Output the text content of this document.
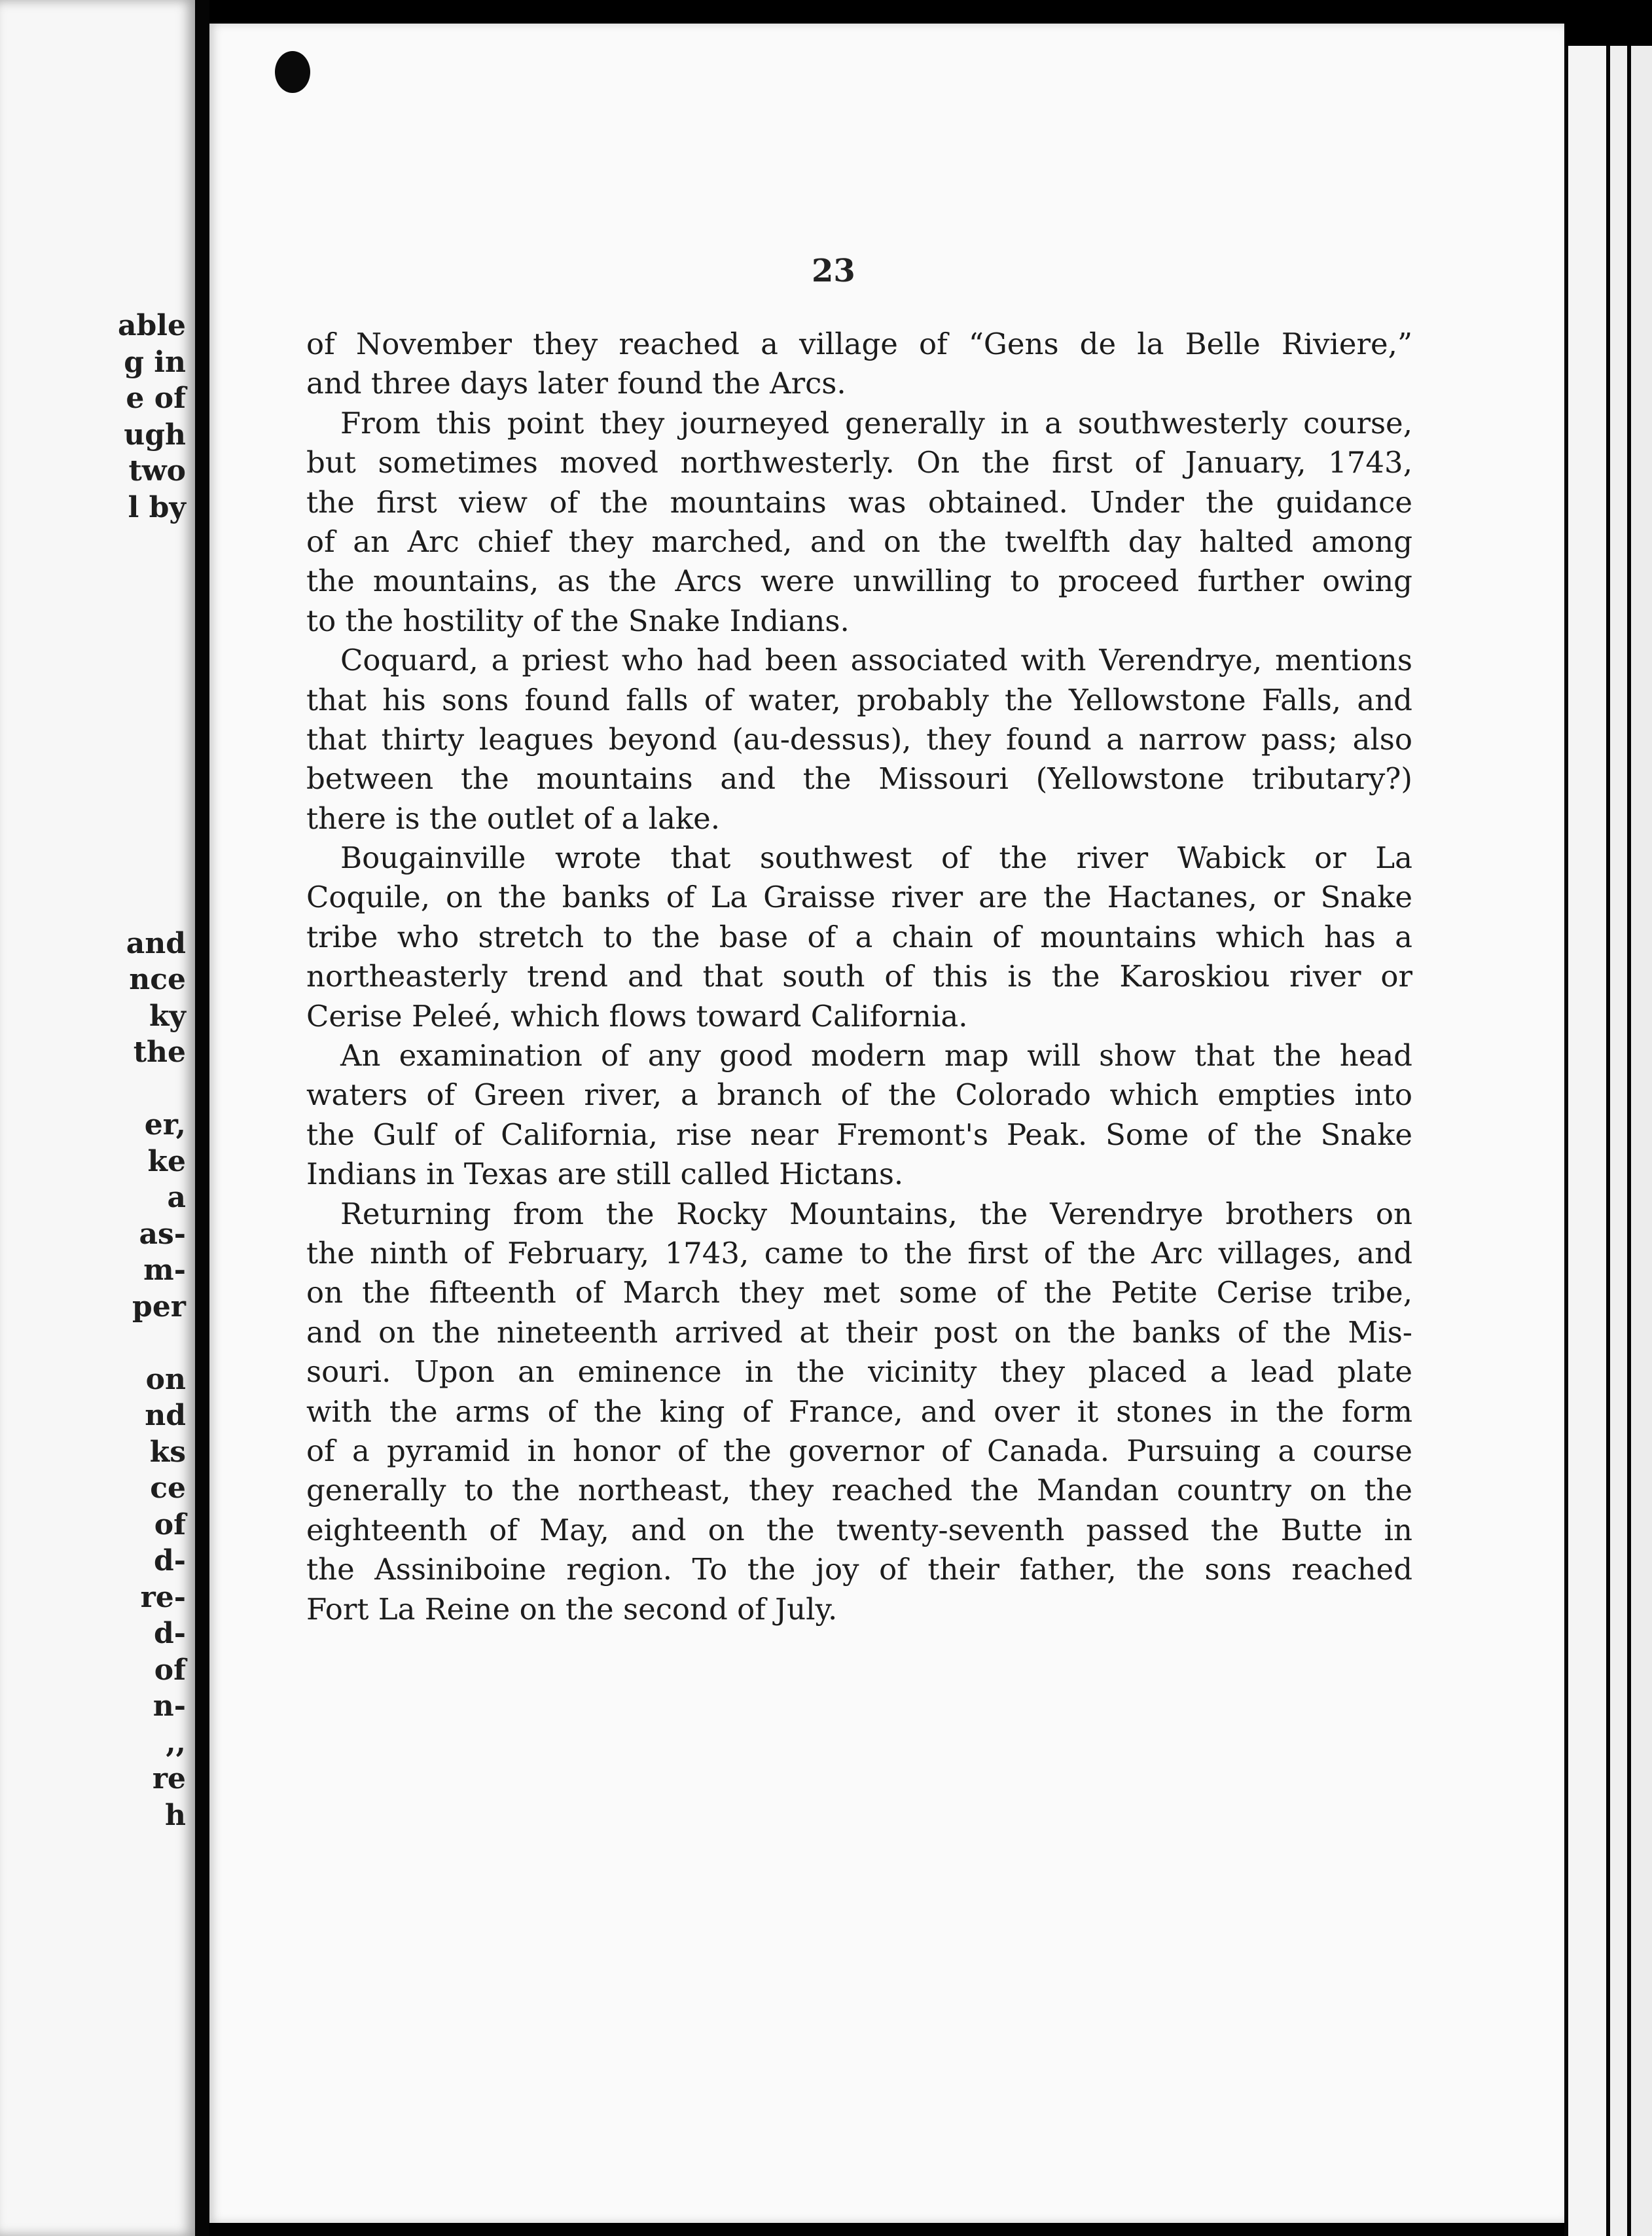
able
g in
e of
ugh
two
l by
and
nce
ky
the
er,
ke
a
as-
m-
per
on
nd
ks
ce
of
d-
re-
d-
of
n-
,,
re
h
23
of November they reached a village of “Gens de la Belle Riviere,”
and three days later found the Arcs.
From this point they journeyed generally in a southwesterly course,
but sometimes moved northwesterly. On the first of January, 1743,
the first view of the mountains was obtained. Under the guidance
of an Arc chief they marched, and on the twelfth day halted among
the mountains, as the Arcs were unwilling to proceed further owing
to the hostility of the Snake Indians.
Coquard, a priest who had been associated with Verendrye, mentions
that his sons found falls of water, probably the Yellowstone Falls, and
that thirty leagues beyond (au-dessus), they found a narrow pass; also
between the mountains and the Missouri (Yellowstone tributary?)
there is the outlet of a lake.
Bougainville wrote that southwest of the river Wabick or La
Coquile, on the banks of La Graisse river are the Hactanes, or Snake
tribe who stretch to the base of a chain of mountains which has a
northeasterly trend and that south of this is the Karoskiou river or
Cerise Peleé, which flows toward California.
An examination of any good modern map will show that the head
waters of Green river, a branch of the Colorado which empties into
the Gulf of California, rise near Fremont's Peak. Some of the Snake
Indians in Texas are still called Hictans.
Returning from the Rocky Mountains, the Verendrye brothers on
the ninth of February, 1743, came to the first of the Arc villages, and
on the fifteenth of March they met some of the Petite Cerise tribe,
and on the nineteenth arrived at their post on the banks of the Mis-
souri. Upon an eminence in the vicinity they placed a lead plate
with the arms of the king of France, and over it stones in the form
of a pyramid in honor of the governor of Canada. Pursuing a course
generally to the northeast, they reached the Mandan country on the
eighteenth of May, and on the twenty-seventh passed the Butte in
the Assiniboine region. To the joy of their father, the sons reached
Fort La Reine on the second of July.
